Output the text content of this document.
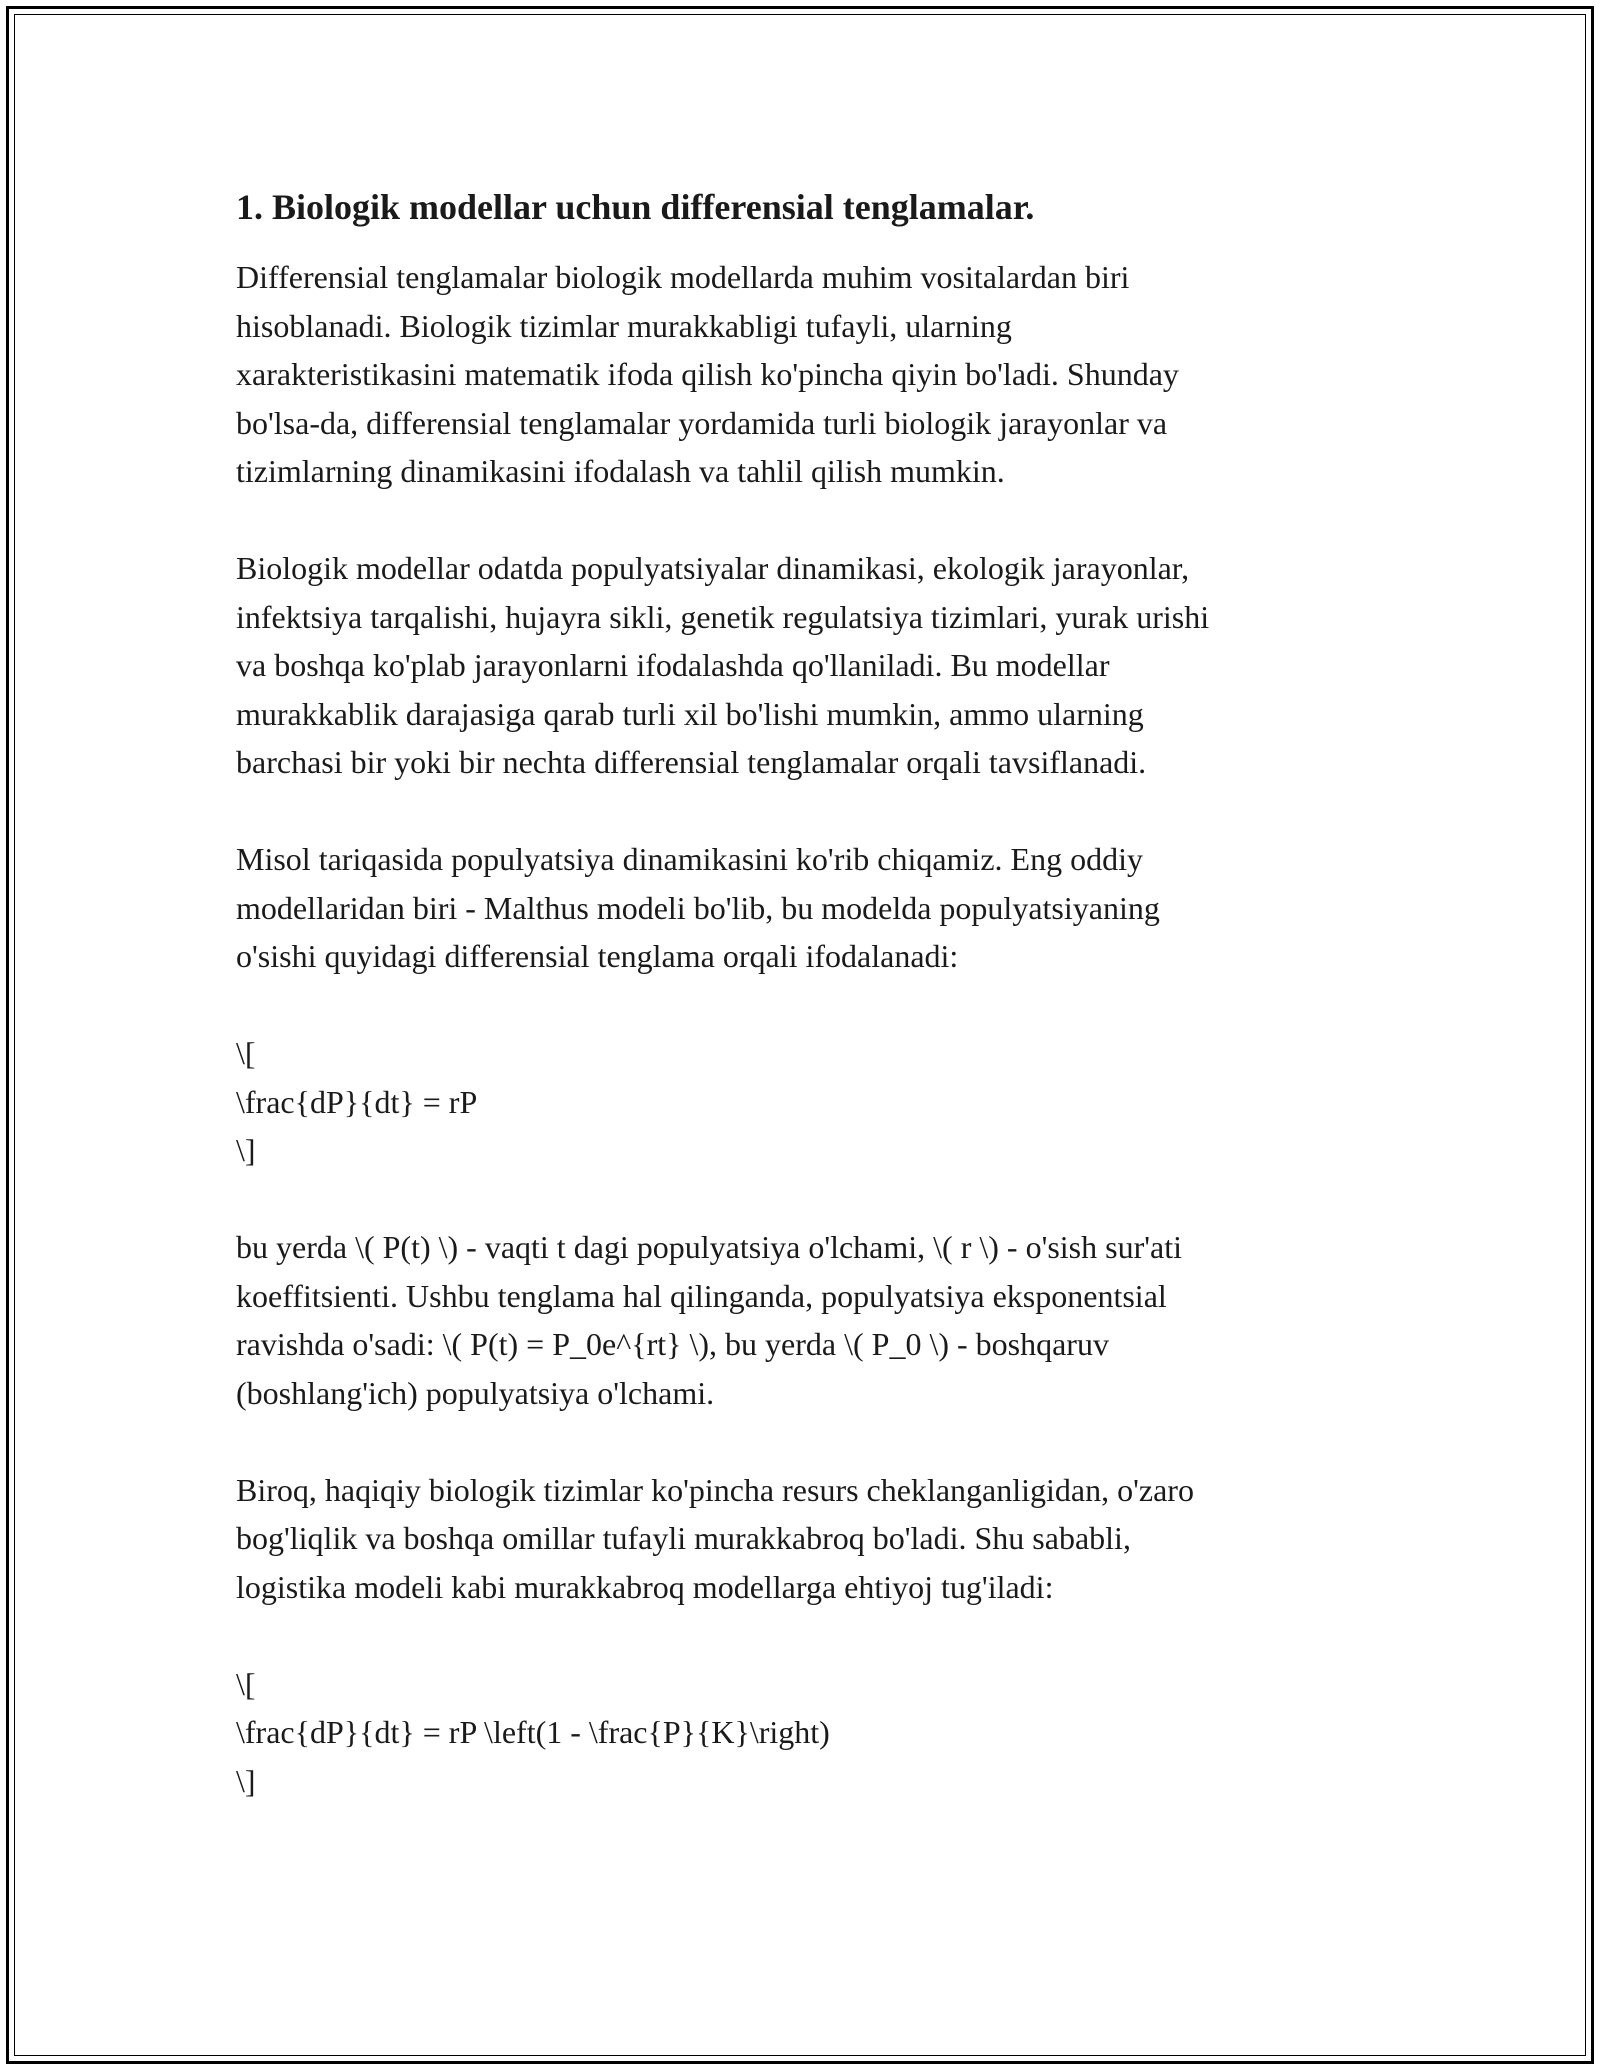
1. Biologik modellar uchun differensial tenglamalar.
Differensial tenglamalar biologik modellarda muhim vositalardan biri
hisoblanadi. Biologik tizimlar murakkabligi tufayli, ularning
xarakteristikasini matematik ifoda qilish ko'pincha qiyin bo'ladi. Shunday
bo'lsa-da, differensial tenglamalar yordamida turli biologik jarayonlar va
tizimlarning dinamikasini ifodalash va tahlil qilish mumkin.
Biologik modellar odatda populyatsiyalar dinamikasi, ekologik jarayonlar,
infektsiya tarqalishi, hujayra sikli, genetik regulatsiya tizimlari, yurak urishi
va boshqa ko'plab jarayonlarni ifodalashda qo'llaniladi. Bu modellar
murakkablik darajasiga qarab turli xil bo'lishi mumkin, ammo ularning
barchasi bir yoki bir nechta differensial tenglamalar orqali tavsiflanadi.
Misol tariqasida populyatsiya dinamikasini ko'rib chiqamiz. Eng oddiy
modellaridan biri - Malthus modeli bo'lib, bu modelda populyatsiyaning
o'sishi quyidagi differensial tenglama orqali ifodalanadi:
\[
\frac{dP}{dt} = rP
\]
bu yerda \( P(t) \) - vaqti t dagi populyatsiya o'lchami, \( r \) - o'sish sur'ati
koeffitsienti. Ushbu tenglama hal qilinganda, populyatsiya eksponentsial
ravishda o'sadi: \( P(t) = P_0e^{rt} \), bu yerda \( P_0 \) - boshqaruv
(boshlang'ich) populyatsiya o'lchami.
Biroq, haqiqiy biologik tizimlar ko'pincha resurs cheklanganligidan, o'zaro
bog'liqlik va boshqa omillar tufayli murakkabroq bo'ladi. Shu sababli,
logistika modeli kabi murakkabroq modellarga ehtiyoj tug'iladi:
\[
\frac{dP}{dt} = rP \left(1 - \frac{P}{K}\right)
\]
